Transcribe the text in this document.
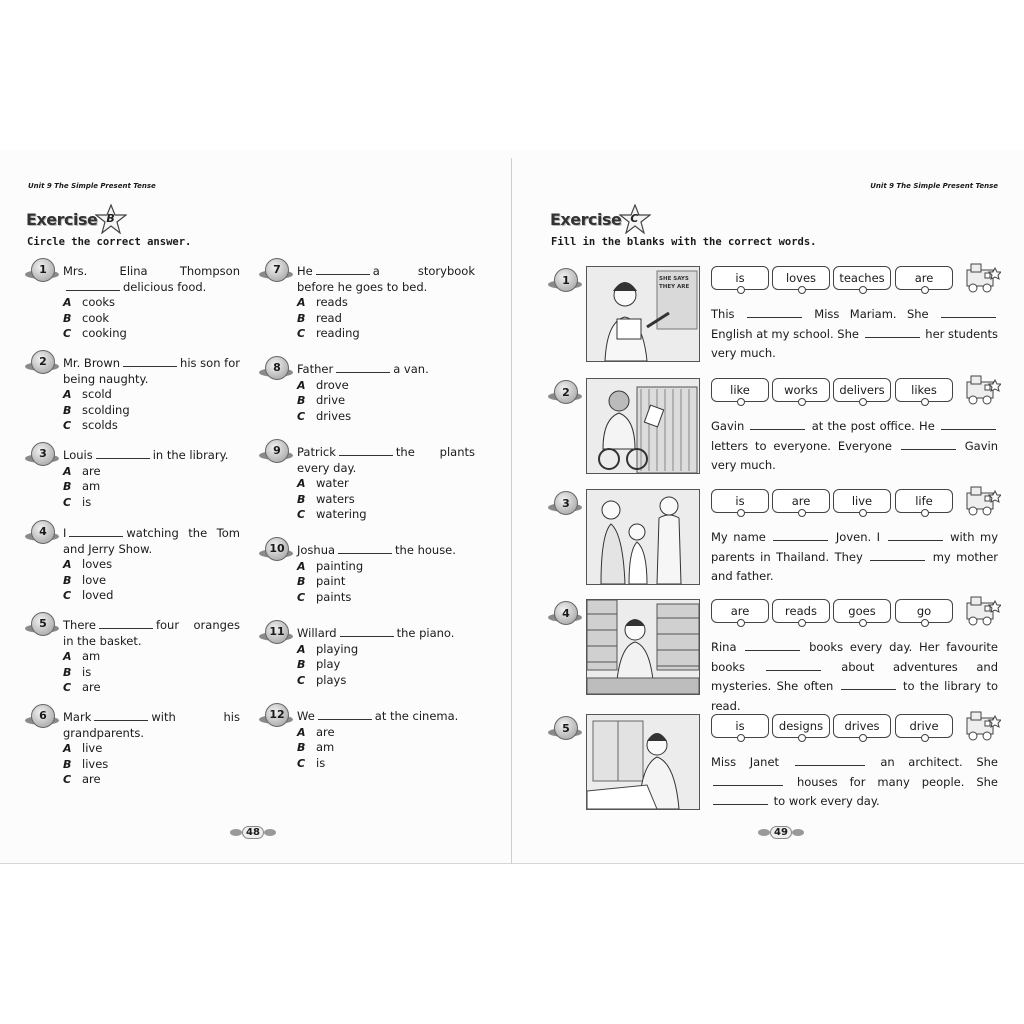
Unit 9 The Simple Present Tense
Exercise B
Circle the correct answer.
1	Mrs. Elina Thompsondelicious food.
A cooks
B cook
C cooking
2	Mr. Brown	his son for being naughty.
A scold
B scolding
C scolds
3	Louis	in the library.
A are
B am
C is
4	I	watching the Tom and Jerry Show.
A loves
B love
C loved
5	There	four oranges in the basket.
A am
B is
C are
6	Mark	with his grandparents.
A live
B lives
C are
7	He	a storybook before he goes to bed.
A reads
B read
C reading
8	Father	a van.
A drove
B drive
C drives
9	Patrick	the plants every day.
A water
B waters
C watering
10	Joshua	the house.
A painting
B paint
C paints
11	Willard	the piano.
A playing
B play
C plays
12	We	at the cinema.
A are
B am
C is
48
Unit 9 The Simple Present Tense
Exercise C
Fill in the blanks with the correct words.
49
1	SHE SAYS THEY ARE
is	loves	teaches	are
This	Miss Mariam. She  English at my school. She	her students very much.
2	like	works	delivers	likes
Gavin	at the post office. He  letters to everyone. Everyone	Gavin very much.
3	is	are	live	life
My name	Joven. I	with my parents in Thailand. They	my mother and father.
4	are	reads	goes	go
Rina	books every day. Her favourite books	about adventures and mysteries. She often	to the library to read.
5	is	designs	drives	drive
Miss Janet	an architect. She  houses for many people. She  to work every day.
